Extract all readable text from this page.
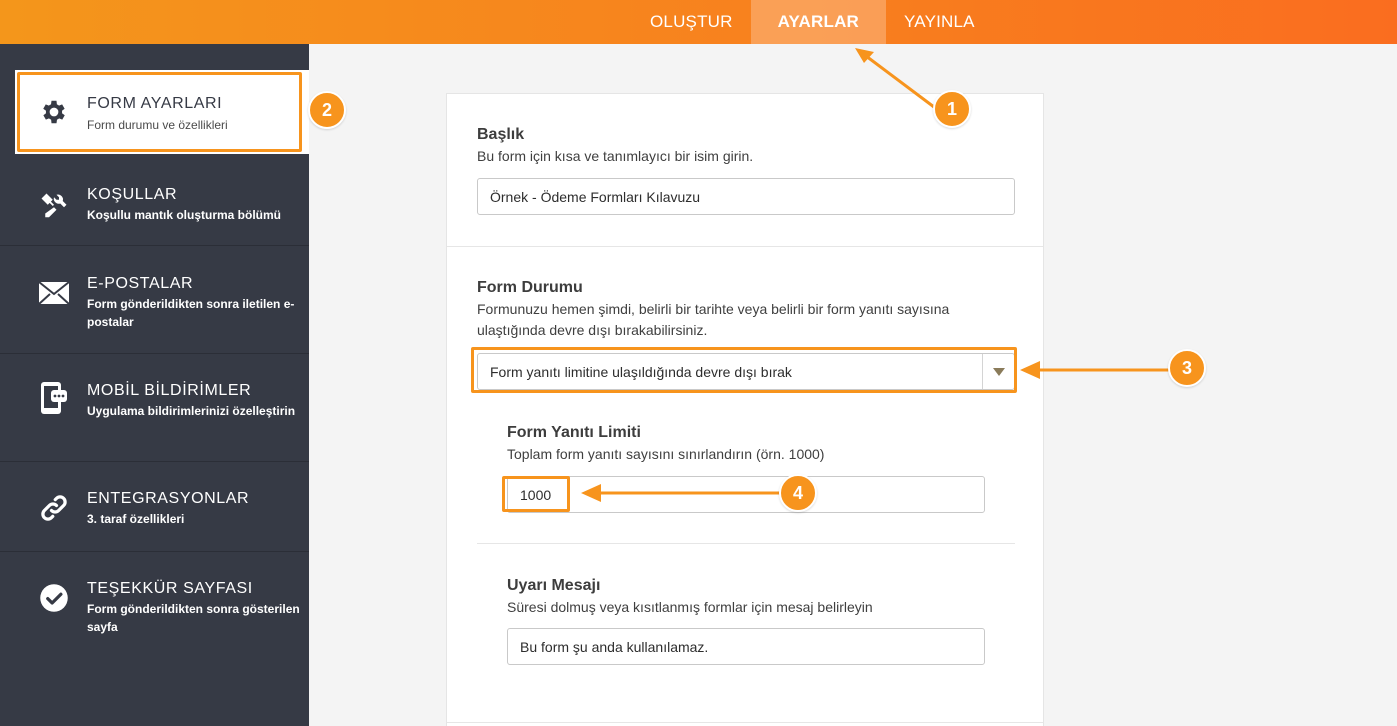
OLUŞTUR	AYARLAR	YAYINLA
FORM AYARLARI
Form durumu ve özellikleri
KOŞULLAR
Koşullu mantık oluşturma bölümü
E-POSTALAR
Form gönderildikten sonra iletilen e-postalar
MOBİL BİLDİRİMLER
Uygulama bildirimlerinizi özelleştirin
ENTEGRASYONLAR
3. taraf özellikleri
TEŞEKKÜR SAYFASI
Form gönderildikten sonra gösterilen sayfa
Başlık
Bu form için kısa ve tanımlayıcı bir isim girin.
Örnek - Ödeme Formları Kılavuzu
Form Durumu
Formunuzu hemen şimdi, belirli bir tarihte veya belirli bir form yanıtı sayısına ulaştığında devre dışı bırakabilirsiniz.
Form yanıtı limitine ulaşıldığında devre dışı bırak
Form Yanıtı Limiti
Toplam form yanıtı sayısını sınırlandırın (örn. 1000)
1000
Uyarı Mesajı
Süresi dolmuş veya kısıtlanmış formlar için mesaj belirleyin
Bu form şu anda kullanılamaz.
1
2
3
4
